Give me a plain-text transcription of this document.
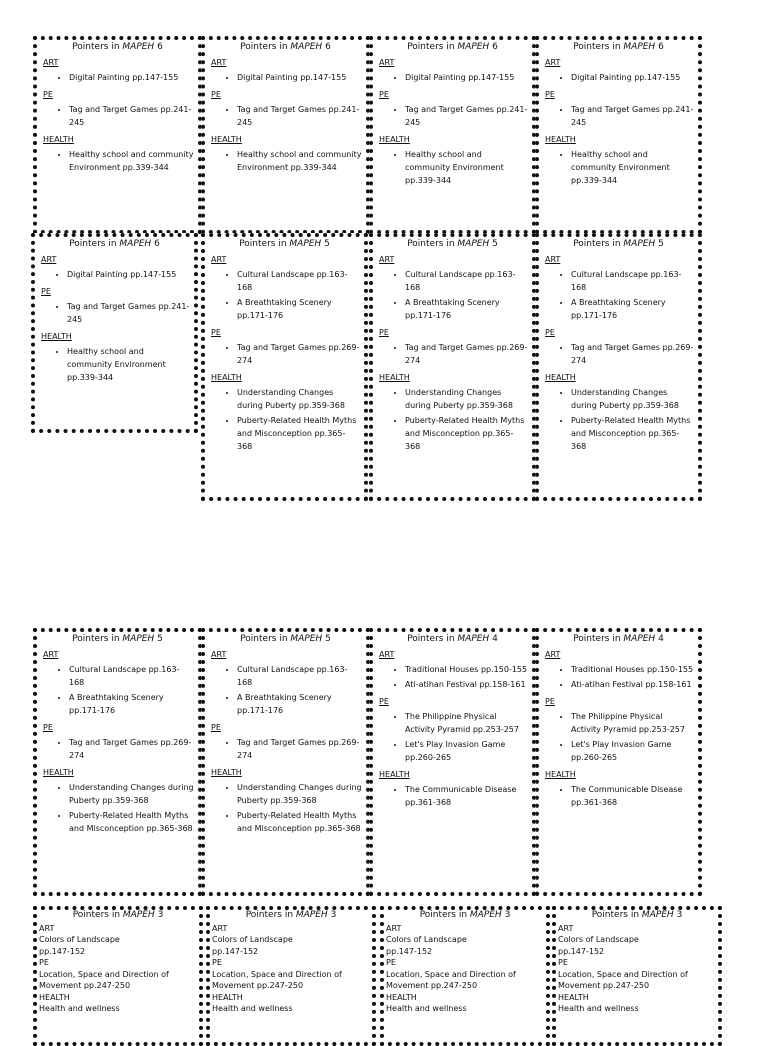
Pointers in MAPEH 6
ART
• Digital Painting pp.147-155
PE
• Tag and Target Games pp.241-245
HEALTH
• Healthy school and community Environment pp.339-344
Pointers in MAPEH 6
ART
• Digital Painting pp.147-155
PE
• Tag and Target Games pp.241-245
HEALTH
• Healthy school and community Environment pp.339-344
Pointers in MAPEH 6
ART
• Digital Painting pp.147-155
PE
• Tag and Target Games pp.241-245
HEALTH
• Healthy school and community Environment pp.339-344
Pointers in MAPEH 6
ART
• Digital Painting pp.147-155
PE
• Tag and Target Games pp.241-245
HEALTH
• Healthy school and community Environment pp.339-344
Pointers in MAPEH 6
ART
• Digital Painting pp.147-155
PE
• Tag and Target Games pp.241-245
HEALTH
• Healthy school and community Environment pp.339-344
Pointers in MAPEH 5
ART
• Cultural Landscape pp.163-168
• A Breathtaking Scenery pp.171-176
PE
• Tag and Target Games pp.269-274
HEALTH
• Understanding Changes during Puberty pp.359-368
• Puberty-Related Health Myths and Misconception pp.365-368
Pointers in MAPEH 5
ART
• Cultural Landscape pp.163-168
• A Breathtaking Scenery pp.171-176
PE
• Tag and Target Games pp.269-274
HEALTH
• Understanding Changes during Puberty pp.359-368
• Puberty-Related Health Myths and Misconception pp.365-368
Pointers in MAPEH 5
ART
• Cultural Landscape pp.163-168
• A Breathtaking Scenery pp.171-176
PE
• Tag and Target Games pp.269-274
HEALTH
• Understanding Changes during Puberty pp.359-368
• Puberty-Related Health Myths and Misconception pp.365-368
Pointers in MAPEH 5
ART
• Cultural Landscape pp.163-168
• A Breathtaking Scenery pp.171-176
PE
• Tag and Target Games pp.269-274
HEALTH
• Understanding Changes during Puberty pp.359-368
• Puberty-Related Health Myths and Misconception pp.365-368
Pointers in MAPEH 5
ART
• Cultural Landscape pp.163-168
• A Breathtaking Scenery pp.171-176
PE
• Tag and Target Games pp.269-274
HEALTH
• Understanding Changes during Puberty pp.359-368
• Puberty-Related Health Myths and Misconception pp.365-368
Pointers in MAPEH 4
ART
• Traditional Houses pp.150-155
• Ati-atihan Festival pp.158-161
PE
• The Philippine Physical Activity Pyramid pp.253-257
• Let's Play Invasion Game pp.260-265
HEALTH
• The Communicable Disease pp.361-368
Pointers in MAPEH 4
ART
• Traditional Houses pp.150-155
• Ati-atihan Festival pp.158-161
PE
• The Philippine Physical Activity Pyramid pp.253-257
• Let's Play Invasion Game pp.260-265
HEALTH
• The Communicable Disease pp.361-368
Pointers in MAPEH 3
ART
Colors of Landscape
pp.147-152
PE
Location, Space and Direction of Movement pp.247-250
HEALTH
Health and wellness
Pointers in MAPEH 3
ART
Colors of Landscape
pp.147-152
PE
Location, Space and Direction of Movement pp.247-250
HEALTH
Health and wellness
Pointers in MAPEH 3
ART
Colors of Landscape
pp.147-152
PE
Location, Space and Direction of Movement pp.247-250
HEALTH
Health and wellness
Pointers in MAPEH 3
ART
Colors of Landscape
pp.147-152
PE
Location, Space and Direction of Movement pp.247-250
HEALTH
Health and wellness
